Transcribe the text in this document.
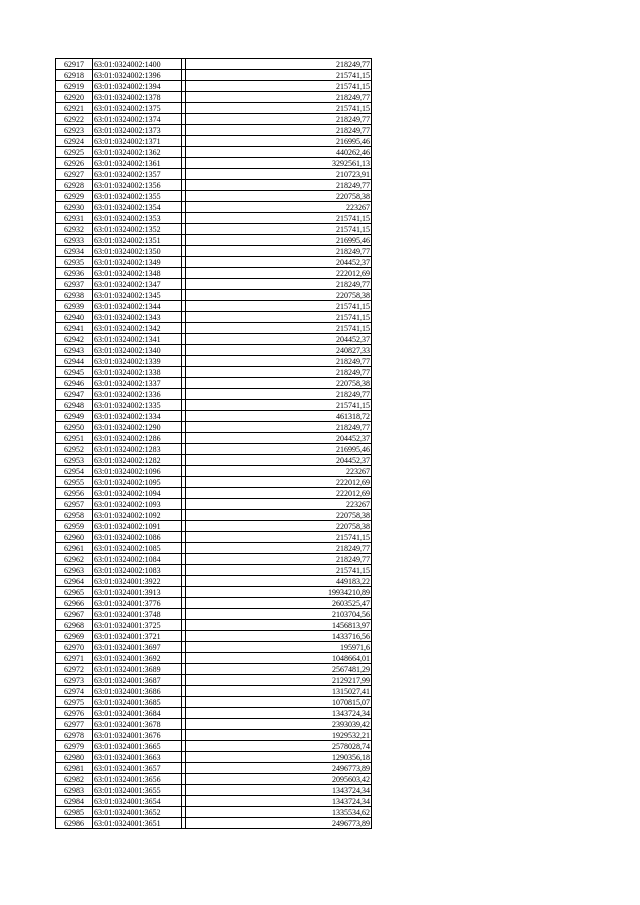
62917	63:01:0324002:1400		218249,77
62918	63:01:0324002:1396		215741,15
62919	63:01:0324002:1394		215741,15
62920	63:01:0324002:1378		218249,77
62921	63:01:0324002:1375		215741,15
62922	63:01:0324002:1374		218249,77
62923	63:01:0324002:1373		218249,77
62924	63:01:0324002:1371		216995,46
62925	63:01:0324002:1362		440262,46
62926	63:01:0324002:1361		3292561,13
62927	63:01:0324002:1357		210723,91
62928	63:01:0324002:1356		218249,77
62929	63:01:0324002:1355		220758,38
62930	63:01:0324002:1354		223267
62931	63:01:0324002:1353		215741,15
62932	63:01:0324002:1352		215741,15
62933	63:01:0324002:1351		216995,46
62934	63:01:0324002:1350		218249,77
62935	63:01:0324002:1349		204452,37
62936	63:01:0324002:1348		222012,69
62937	63:01:0324002:1347		218249,77
62938	63:01:0324002:1345		220758,38
62939	63:01:0324002:1344		215741,15
62940	63:01:0324002:1343		215741,15
62941	63:01:0324002:1342		215741,15
62942	63:01:0324002:1341		204452,37
62943	63:01:0324002:1340		240827,33
62944	63:01:0324002:1339		218249,77
62945	63:01:0324002:1338		218249,77
62946	63:01:0324002:1337		220758,38
62947	63:01:0324002:1336		218249,77
62948	63:01:0324002:1335		215741,15
62949	63:01:0324002:1334		461318,72
62950	63:01:0324002:1290		218249,77
62951	63:01:0324002:1286		204452,37
62952	63:01:0324002:1283		216995,46
62953	63:01:0324002:1282		204452,37
62954	63:01:0324002:1096		223267
62955	63:01:0324002:1095		222012,69
62956	63:01:0324002:1094		222012,69
62957	63:01:0324002:1093		223267
62958	63:01:0324002:1092		220758,38
62959	63:01:0324002:1091		220758,38
62960	63:01:0324002:1086		215741,15
62961	63:01:0324002:1085		218249,77
62962	63:01:0324002:1084		218249,77
62963	63:01:0324002:1083		215741,15
62964	63:01:0324001:3922		449183,22
62965	63:01:0324001:3913		19934210,89
62966	63:01:0324001:3776		2603525,47
62967	63:01:0324001:3748		2103704,56
62968	63:01:0324001:3725		1456813,97
62969	63:01:0324001:3721		1433716,56
62970	63:01:0324001:3697		195971,6
62971	63:01:0324001:3692		1048664,01
62972	63:01:0324001:3689		2567481,29
62973	63:01:0324001:3687		2129217,99
62974	63:01:0324001:3686		1315027,41
62975	63:01:0324001:3685		1070815,07
62976	63:01:0324001:3684		1343724,34
62977	63:01:0324001:3678		2393039,42
62978	63:01:0324001:3676		1929532,21
62979	63:01:0324001:3665		2578028,74
62980	63:01:0324001:3663		1290356,18
62981	63:01:0324001:3657		2496773,89
62982	63:01:0324001:3656		2095603,42
62983	63:01:0324001:3655		1343724,34
62984	63:01:0324001:3654		1343724,34
62985	63:01:0324001:3652		1335534,62
62986	63:01:0324001:3651		2496773,89
